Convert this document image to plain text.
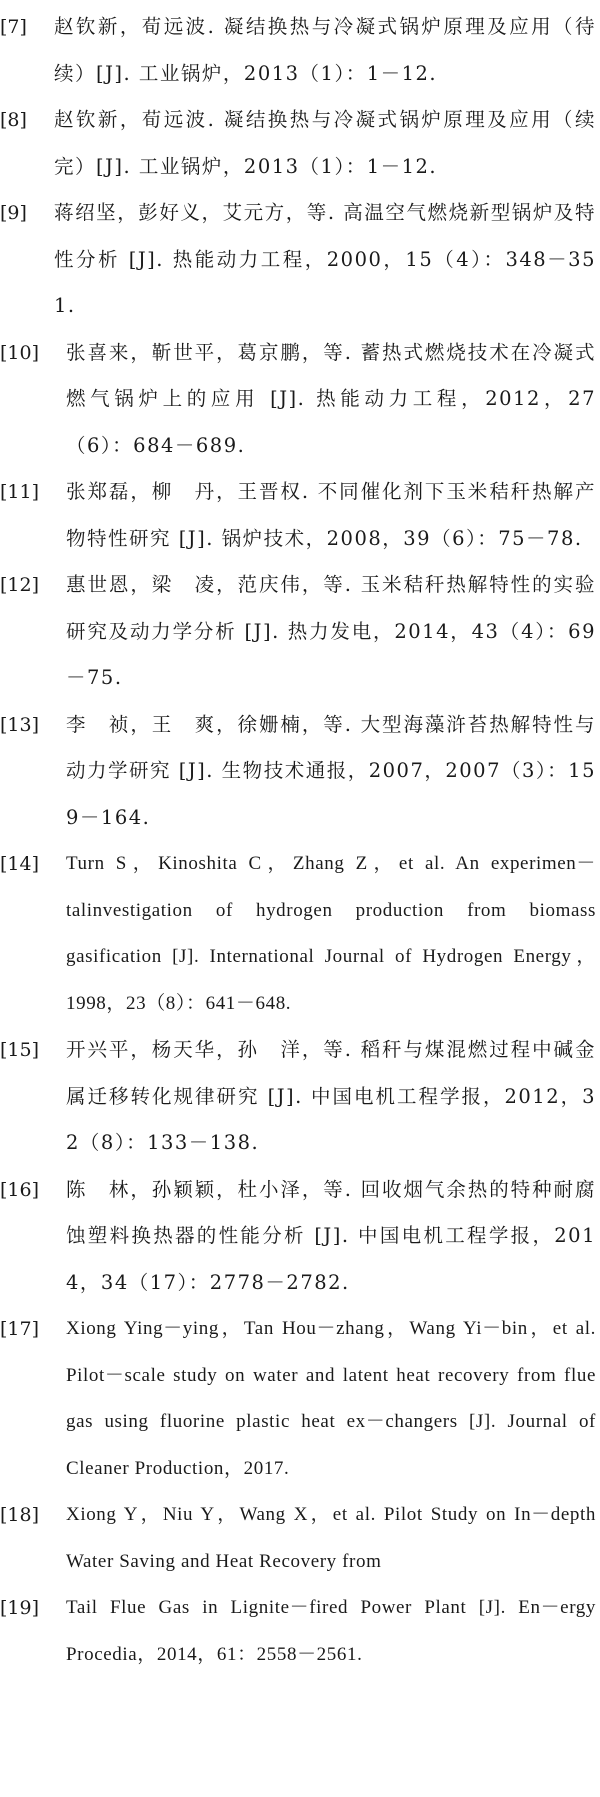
[7]	赵钦新，荀远波. 凝结换热与冷凝式锅炉原理及应用（待续）[J]. 工业锅炉，2013（1）：1－12.
[8]	赵钦新，荀远波. 凝结换热与冷凝式锅炉原理及应用（续完）[J]. 工业锅炉，2013（1）：1－12.
[9]	蒋绍坚，彭好义，艾元方，等. 高温空气燃烧新型锅炉及特性分析 [J]. 热能动力工程，2000，15（4）：348－351.
[10]	张喜来，靳世平，葛京鹏，等. 蓄热式燃烧技术在冷凝式燃气锅炉上的应用 [J]. 热能动力工程，2012，27（6）：684－689.
[11]	张郑磊，柳　丹，王晋权. 不同催化剂下玉米秸秆热解产物特性研究 [J]. 锅炉技术，2008，39（6）：75－78.
[12]	惠世恩，梁　凌，范庆伟，等. 玉米秸秆热解特性的实验研究及动力学分析 [J]. 热力发电，2014，43（4）：69－75.
[13]	李　祯，王　爽，徐姗楠，等. 大型海藻浒苔热解特性与动力学研究 [J]. 生物技术通报，2007，2007（3）：159－164.
[14]	Turn S，Kinoshita C，Zhang Z，et al. An experimen－talinvestigation of hydrogen production from biomass gasification [J]. International Journal of Hydrogen Energy，1998，23（8）：641－648.
[15]	开兴平，杨天华，孙　洋，等. 稻秆与煤混燃过程中碱金属迁移转化规律研究 [J]. 中国电机工程学报，2012，32（8）：133－138.
[16]	陈　林，孙颖颖，杜小泽，等. 回收烟气余热的特种耐腐蚀塑料换热器的性能分析 [J]. 中国电机工程学报，2014，34（17）：2778－2782.
[17]	Xiong Ying－ying，Tan Hou－zhang，Wang Yi－bin，et al. Pilot－scale study on water and latent heat recovery from flue gas using fluorine plastic heat ex－changers [J]. Journal of Cleaner Production，2017.
[18]	Xiong Y，Niu Y，Wang X，et al. Pilot Study on In－depth Water Saving and Heat Recovery from
[19]	Tail Flue Gas in Lignite－fired Power Plant [J]. En－ergy Procedia，2014，61：2558－2561.
